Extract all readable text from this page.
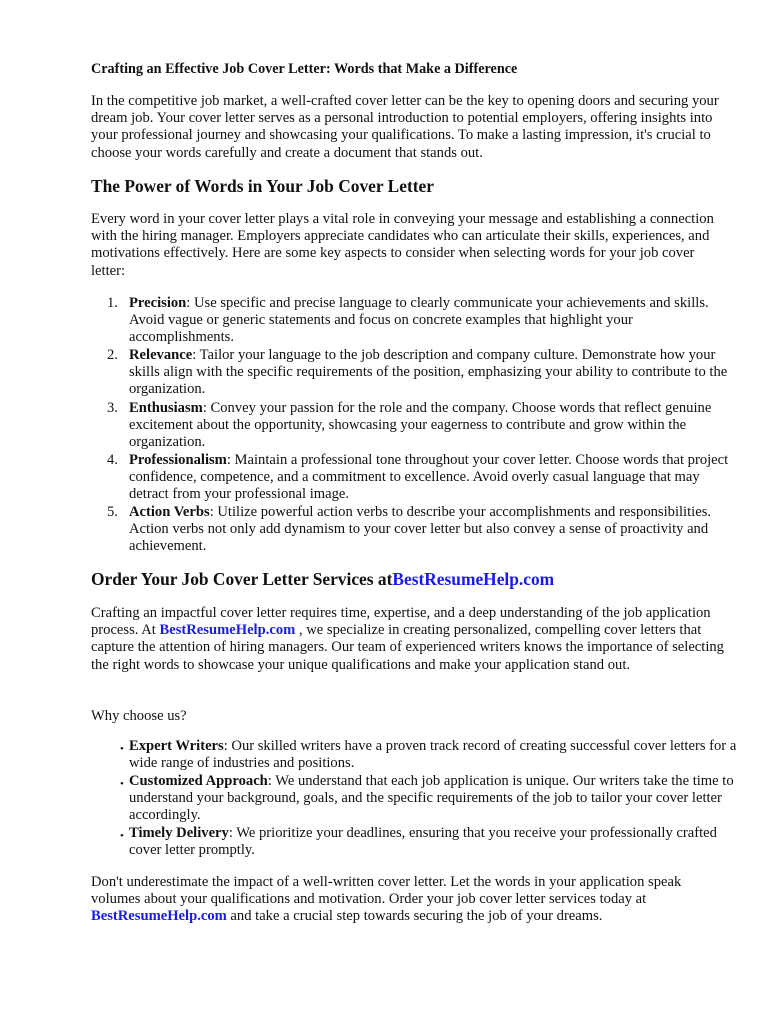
Crafting an Effective Job Cover Letter: Words that Make a Difference

In the competitive job market, a well-crafted cover letter can be the key to opening doors and securing your dream job. Your cover letter serves as a personal introduction to potential employers, offering insights into your professional journey and showcasing your qualifications. To make a lasting impression, it's crucial to choose your words carefully and create a document that stands out.

The Power of Words in Your Job Cover Letter

Every word in your cover letter plays a vital role in conveying your message and establishing a connection with the hiring manager. Employers appreciate candidates who can articulate their skills, experiences, and motivations effectively. Here are some key aspects to consider when selecting words for your job cover letter:

1. Precision: Use specific and precise language to clearly communicate your achievements and skills. Avoid vague or generic statements and focus on concrete examples that highlight your accomplishments.
2. Relevance: Tailor your language to the job description and company culture. Demonstrate how your skills align with the specific requirements of the position, emphasizing your ability to contribute to the organization.
3. Enthusiasm: Convey your passion for the role and the company. Choose words that reflect genuine excitement about the opportunity, showcasing your eagerness to contribute and grow within the organization.
4. Professionalism: Maintain a professional tone throughout your cover letter. Choose words that project confidence, competence, and a commitment to excellence. Avoid overly casual language that may detract from your professional image.
5. Action Verbs: Utilize powerful action verbs to describe your accomplishments and responsibilities. Action verbs not only add dynamism to your cover letter but also convey a sense of proactivity and achievement.
Order Your Job Cover Letter Services atBestResumeHelp.com

Crafting an impactful cover letter requires time, expertise, and a deep understanding of the job application process. At BestResumeHelp.com , we specialize in creating personalized, compelling cover letters that capture the attention of hiring managers. Our team of experienced writers knows the importance of selecting the right words to showcase your unique qualifications and make your application stand out.

Why choose us?

• Expert Writers: Our skilled writers have a proven track record of creating successful cover letters for a wide range of industries and positions.
• Customized Approach: We understand that each job application is unique. Our writers take the time to understand your background, goals, and the specific requirements of the job to tailor your cover letter accordingly.
• Timely Delivery: We prioritize your deadlines, ensuring that you receive your professionally crafted cover letter promptly.

Don't underestimate the impact of a well-written cover letter. Let the words in your application speak volumes about your qualifications and motivation. Order your job cover letter services today at BestResumeHelp.com and take a crucial step towards securing the job of your dreams.
